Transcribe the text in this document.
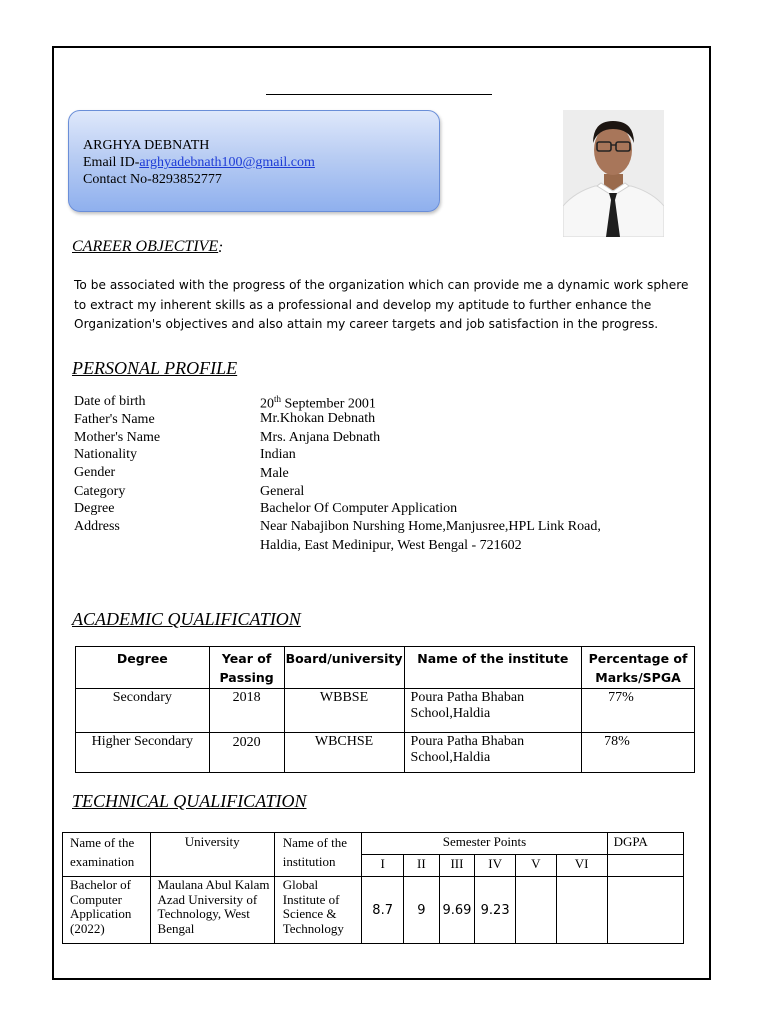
ARGHYA DEBNATH
Email ID-arghyadebnath100@gmail.com
Contact No-8293852777
CAREER OBJECTIVE :
To be associated with the progress of the organization which can provide me a dynamic work sphere to extract my inherent skills as a professional and develop my aptitude to further enhance the Organization's objectives and also attain my career targets and job satisfaction in the progress.
PERSONAL PROFILE
Date of birth	20th September 2001
Father's Name	Mr.Khokan Debnath
Mother's Name	Mrs. Anjana Debnath
Nationality	Indian
Gender	Male
Category	General
Degree	Bachelor Of Computer Application
Address	Near Nabajibon Nurshing Home,Manjusree,HPL Link Road,
Haldia, East Medinipur, West Bengal - 721602
ACADEMIC QUALIFICATION
Degree	Year of Passing	Board/university	Name of the institute	Percentage of Marks/SPGA
Secondary	2018	WBBSE	Poura Patha Bhaban School,Haldia	77%
Higher Secondary	2020	WBCHSE	Poura Patha Bhaban School,Haldia	78%
TECHNICAL QUALIFICATION
Name of the examination	University	Name of the institution	Semester Points						DGPA
			I	II	III	IV	V	VI	
Bachelor of Computer Application (2022)	Maulana Abul Kalam Azad University of Technology, West Bengal	Global Institute of Science & Technology	8.7	9	9.69	9.23			
